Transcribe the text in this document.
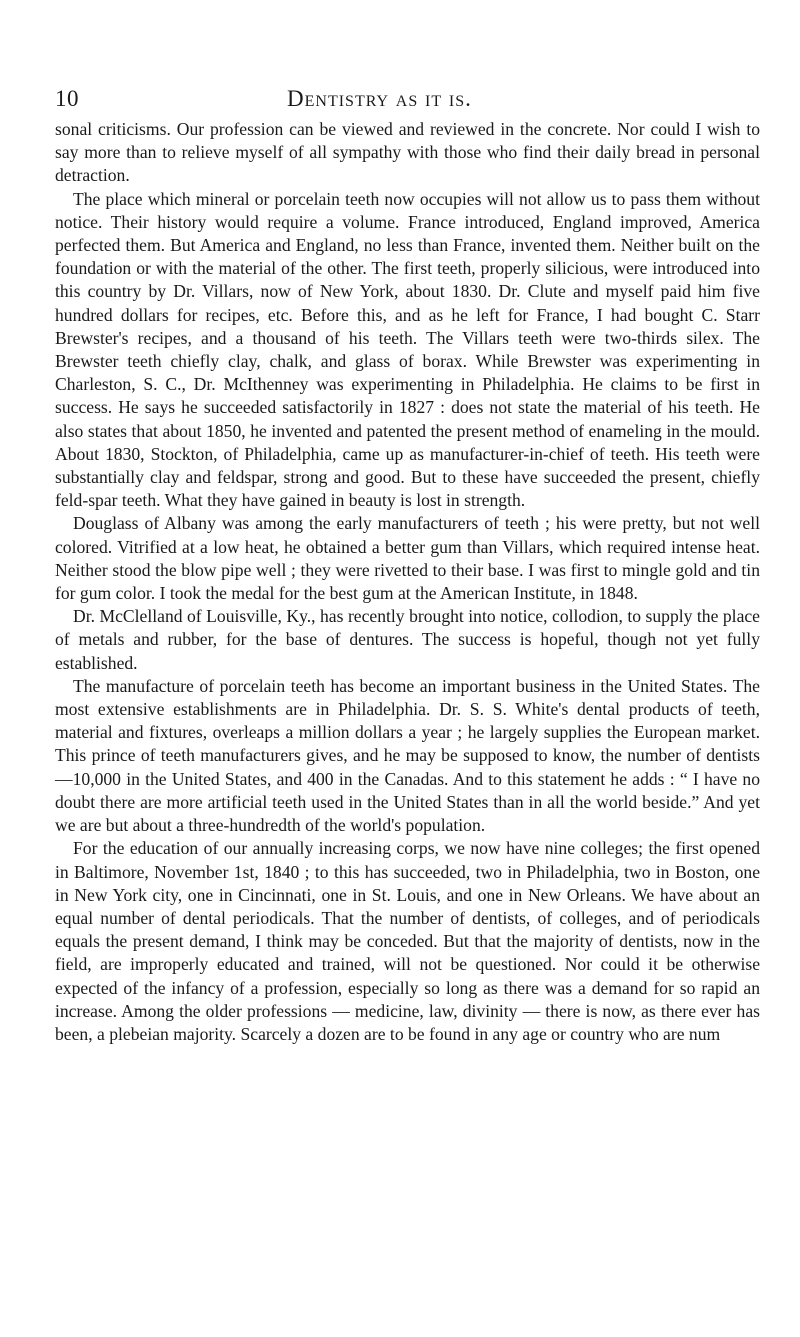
10	Dentistry as it is.

sonal criticisms. Our profession can be viewed and reviewed in the concrete. Nor could I wish to say more than to relieve myself of all sympathy with those who find their daily bread in personal detraction.

The place which mineral or porcelain teeth now occupies will not allow us to pass them without notice. Their history would require a volume. France introduced, England improved, America perfected them. But America and England, no less than France, invented them. Neither built on the foundation or with the material of the other. The first teeth, properly silicious, were introduced into this country by Dr. Villars, now of New York, about 1830. Dr. Clute and myself paid him five hundred dollars for recipes, etc. Before this, and as he left for France, I had bought C. Starr Brewster's recipes, and a thousand of his teeth. The Villars teeth were two-thirds silex. The Brewster teeth chiefly clay, chalk, and glass of borax. While Brewster was experimenting in Charleston, S. C., Dr. McIthenney was experimenting in Philadelphia. He claims to be first in success. He says he succeeded satisfactorily in 1827 : does not state the material of his teeth. He also states that about 1850, he invented and patented the present method of enameling in the mould. About 1830, Stockton, of Philadelphia, came up as manufacturer-in-chief of teeth. His teeth were substantially clay and feldspar, strong and good. But to these have succeeded the present, chiefly feld-spar teeth. What they have gained in beauty is lost in strength.

Douglass of Albany was among the early manufacturers of teeth ; his were pretty, but not well colored. Vitrified at a low heat, he obtained a better gum than Villars, which required intense heat. Neither stood the blow pipe well ; they were rivetted to their base. I was first to mingle gold and tin for gum color. I took the medal for the best gum at the American Institute, in 1848.

Dr. McClelland of Louisville, Ky., has recently brought into notice, collodion, to supply the place of metals and rubber, for the base of dentures. The success is hopeful, though not yet fully established.

The manufacture of porcelain teeth has become an important business in the United States. The most extensive establishments are in Philadelphia. Dr. S. S. White's dental products of teeth, material and fixtures, overleaps a million dollars a year ; he largely supplies the European market. This prince of teeth manufacturers gives, and he may be supposed to know, the number of dentists —10,000 in the United States, and 400 in the Canadas. And to this statement he adds : “ I have no doubt there are more artificial teeth used in the United States than in all the world beside.” And yet we are but about a three-hundredth of the world's population.

For the education of our annually increasing corps, we now have nine colleges; the first opened in Baltimore, November 1st, 1840 ; to this has succeeded, two in Philadelphia, two in Boston, one in New York city, one in Cincinnati, one in St. Louis, and one in New Orleans. We have about an equal number of dental periodicals. That the number of dentists, of colleges, and of periodicals equals the present demand, I think may be conceded. But that the majority of dentists, now in the field, are improperly educated and trained, will not be questioned. Nor could it be otherwise expected of the infancy of a profession, especially so long as there was a demand for so rapid an increase. Among the older professions — medicine, law, divinity — there is now, as there ever has been, a plebeian majority. Scarcely a dozen are to be found in any age or country who are num
